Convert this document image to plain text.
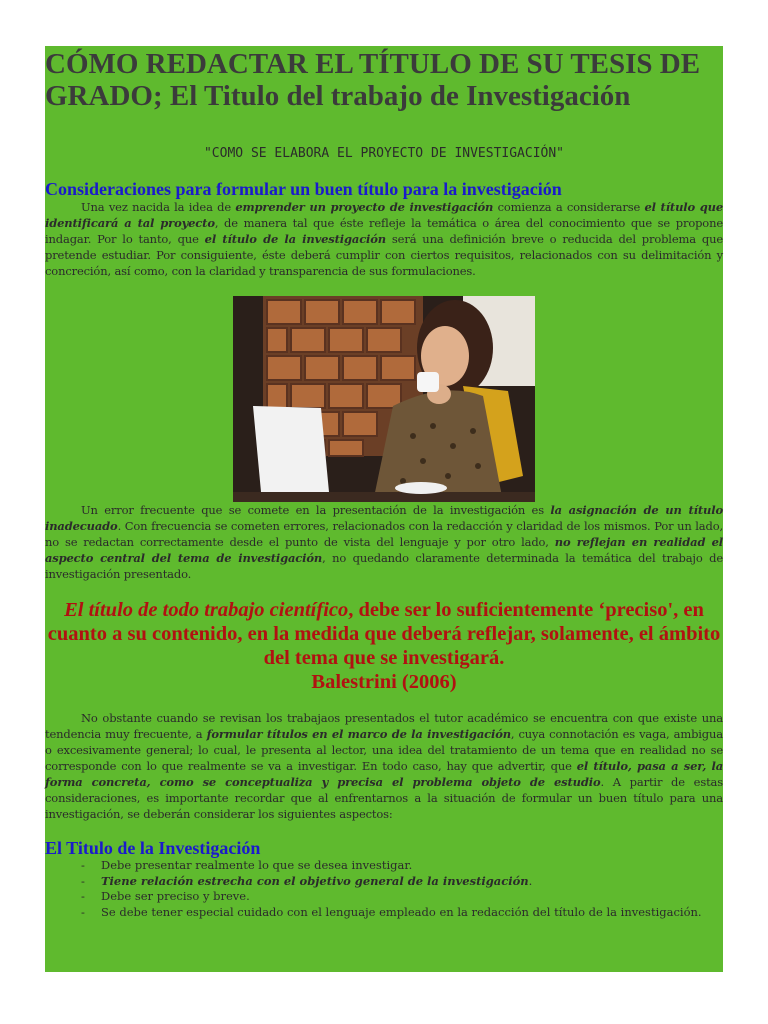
CÓMO REDACTAR EL TÍTULO DE SU TESIS DE GRADO; El Titulo del trabajo de Investigación
"COMO SE ELABORA EL PROYECTO DE INVESTIGACIÓN"
Consideraciones para formular un buen título para la investigación

Una vez nacida la idea de emprender un proyecto de investigación comienza a considerarse el título que identificará a tal proyecto, de manera tal que éste refleje la temática o área del conocimiento que se propone indagar. Por lo tanto, que el título de la investigación será una definición breve o reducida del problema que pretende estudiar. Por consiguiente, éste deberá cumplir con ciertos requisitos, relacionados con su delimitación y concreción, así como, con la claridad y transparencia de sus formulaciones.

Un error frecuente que se comete en la presentación de la investigación es la asignación de un título inadecuado. Con frecuencia se cometen errores, relacionados con la redacción y claridad de los mismos. Por un lado, no se redactan correctamente desde el punto de vista del lenguaje y por otro lado, no reflejan en realidad el aspecto central del tema de investigación, no quedando claramente determinada la temática del trabajo de investigación presentado.

El título de todo trabajo científico, debe ser lo suficientemente ‘preciso', en cuanto a su contenido, en la medida que deberá reflejar, solamente, el ámbito del tema que se investigará.
Balestrini (2006)

No obstante cuando se revisan los trabajaos presentados el tutor académico se encuentra con que existe una tendencia muy frecuente, a formular títulos en el marco de la investigación, cuya connotación es vaga, ambigua o excesivamente general; lo cual, le presenta al lector, una idea del tratamiento de un tema que en realidad no se corresponde con lo que realmente se va a investigar. En todo caso, hay que advertir, que el título, pasa a ser, la forma concreta, como se conceptualiza y precisa el problema objeto de estudio. A partir de estas consideraciones, es importante recordar que al enfrentarnos a la situación de formular un buen título para una investigación, se deberán considerar los siguientes aspectos:

El Titulo de la Investigación
- Debe presentar realmente lo que se desea investigar.
- Tiene relación estrecha con el objetivo general de la investigación.
- Debe ser preciso y breve.
- Se debe tener especial cuidado con el lenguaje empleado en la redacción del título de la investigación.
